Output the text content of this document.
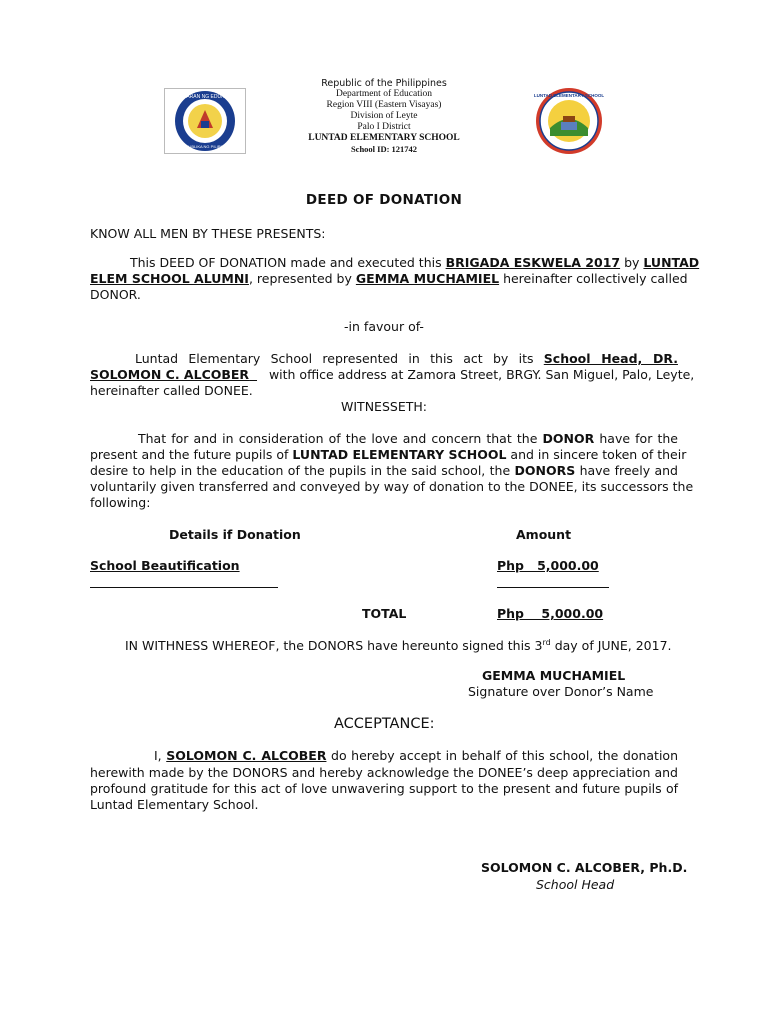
KAGAWARAN NG EDUKASYON
REPUBLIKA NG PILIPINAS
LUNTAD ELEMENTARY SCHOOL
Republic of the Philippines
Department of Education
Region VIII (Eastern Visayas)
Division of Leyte
Palo I District
LUNTAD ELEMENTARY SCHOOL
School ID: 121742
DEED OF DONATION
KNOW ALL MEN BY THESE PRESENTS:
This DEED OF DONATION made and executed this BRIGADA ESKWELA 2017 by LUNTAD
ELEM SCHOOL ALUMNI, represented by GEMMA MUCHAMIEL hereinafter collectively called
DONOR.
-in favour of-
Luntad Elementary School represented in this act by its School Head, DR.
SOLOMON C. ALCOBER with office address at Zamora Street, BRGY. San Miguel, Palo, Leyte,
hereinafter called DONEE.
WITNESSETH:
That for and in consideration of the love and concern that the DONOR have for the
present and the future pupils of LUNTAD ELEMENTARY SCHOOL and in sincere token of their
desire to help in the education of the pupils in the said school, the DONORS have freely and
voluntarily given transferred and conveyed by way of donation to the DONEE, its successors the
following:
Details if Donation	Amount
School Beautification	Php   5,000.00
TOTAL	Php    5,000.00
IN WITHNESS WHEREOF, the DONORS have hereunto signed this 3rd day of JUNE, 2017.
GEMMA MUCHAMIEL
Signature over Donor’s Name
ACCEPTANCE:
I, SOLOMON C. ALCOBER do hereby accept in behalf of this school, the donation
herewith made by the DONORS and hereby acknowledge the DONEE’s deep appreciation and
profound gratitude for this act of love unwavering support to the present and future pupils of
Luntad Elementary School.
SOLOMON C. ALCOBER, Ph.D.
School Head
